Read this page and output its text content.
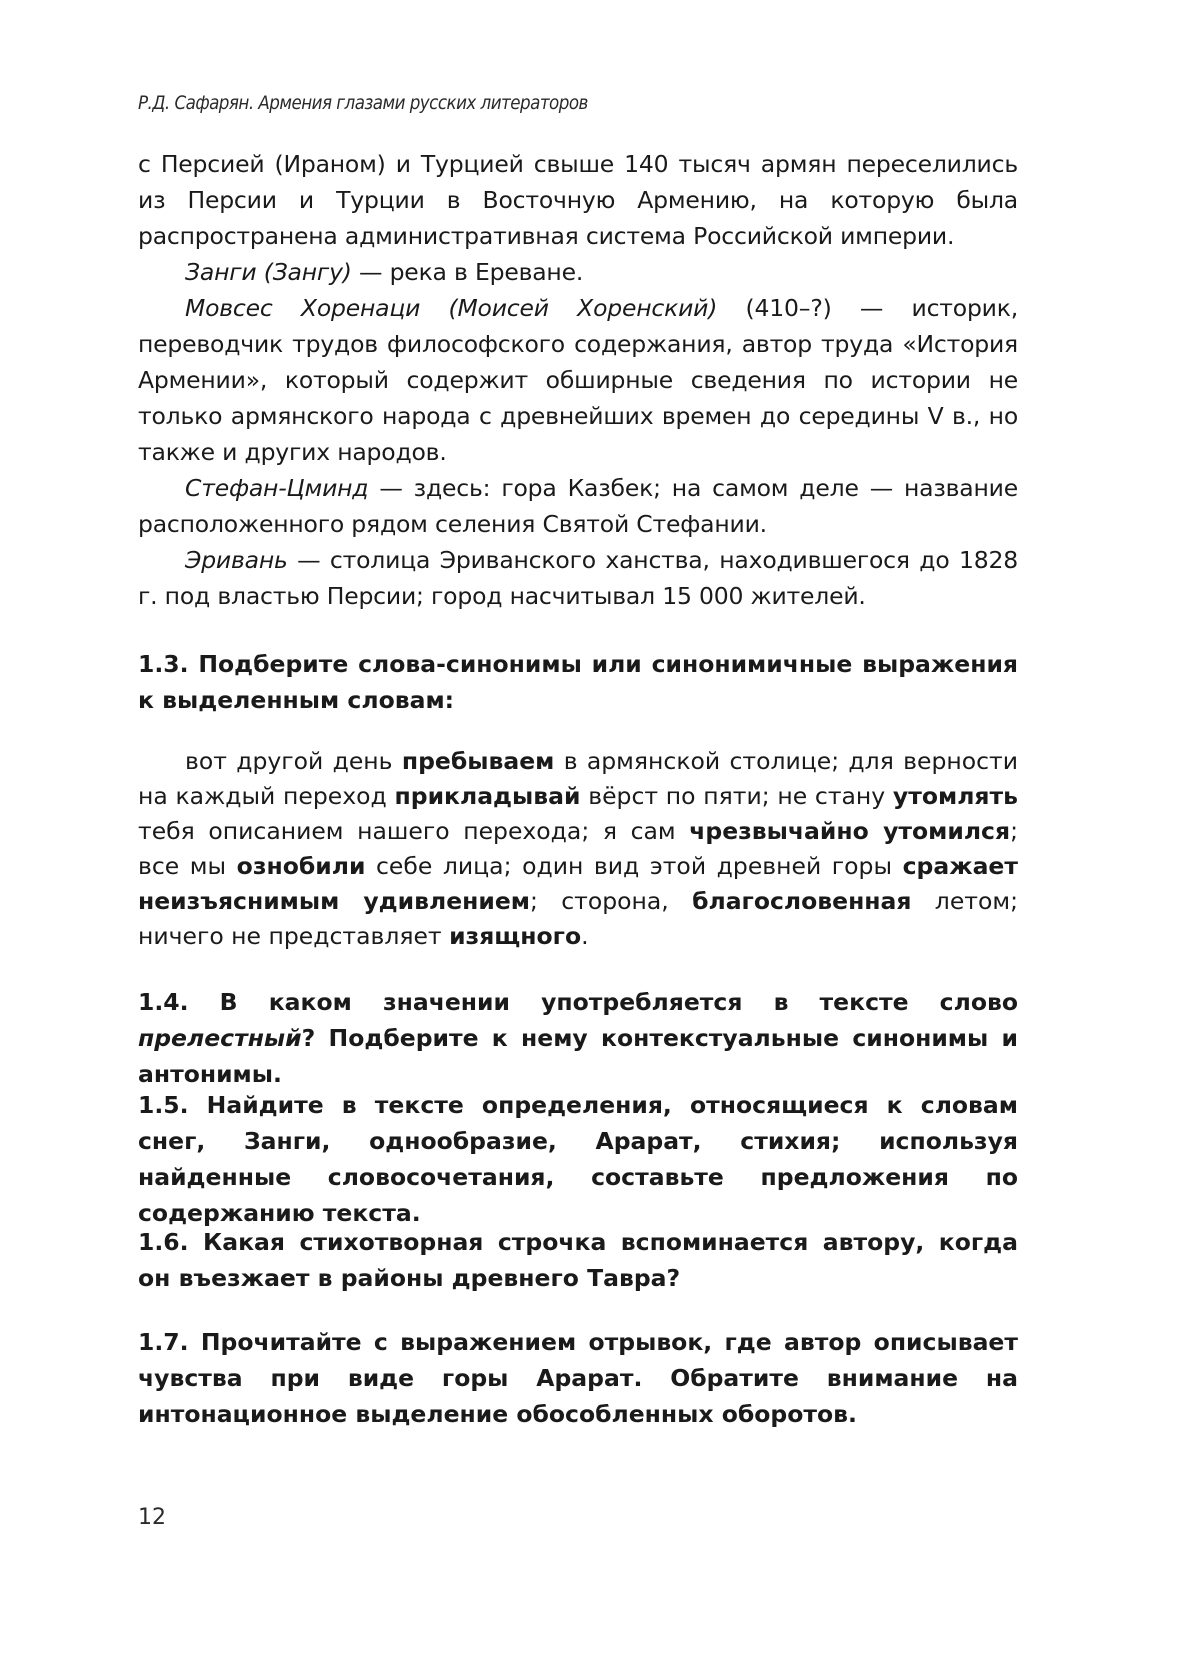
Р.Д. Сафарян. Армения глазами русских литераторов

с Персией (Ираном) и Турцией свыше 140 тысяч армян переселились из Персии и Турции в Восточную Армению, на которую была распространена административная система Российской империи.

Занги (Зангу) — река в Ереване.

Мовсес Хоренаци (Моисей Хоренский) (410–?) — историк, переводчик трудов философского содержания, автор труда «История Армении», который содержит обширные сведения по истории не только армянского народа с древнейших времен до середины V в., но также и других народов.

Стефан-Цминд — здесь: гора Казбек; на самом деле — название расположенного рядом селения Святой Стефании.

Эривань — столица Эриванского ханства, находившегося до 1828 г. под властью Персии; город насчитывал 15 000 жителей.

1.3. Подберите слова-синонимы или синонимичные выражения к выделенным словам:

вот другой день пребываем в армянской столице; для верности на каждый переход прикладывай вёрст по пяти; не стану утомлять тебя описанием нашего перехода; я сам чрезвычайно утомился; все мы ознобили себе лица; один вид этой древней горы сражает неизъяснимым удивлением; сторона, благословенная летом; ничего не представляет изящного.

1.4. В каком значении употребляется в тексте слово прелестный? Подберите к нему контекстуальные синонимы и антонимы.

1.5. Найдите в тексте определения, относящиеся к словам снег, Занги, однообразие, Арарат, стихия; используя найденные словосочетания, составьте предложения по содержанию текста.

1.6. Какая стихотворная строчка вспоминается автору, когда он въезжает в районы древнего Тавра?

1.7. Прочитайте с выражением отрывок, где автор описывает чувства при виде горы Арарат. Обратите внимание на интонационное выделение обособленных оборотов.

12
